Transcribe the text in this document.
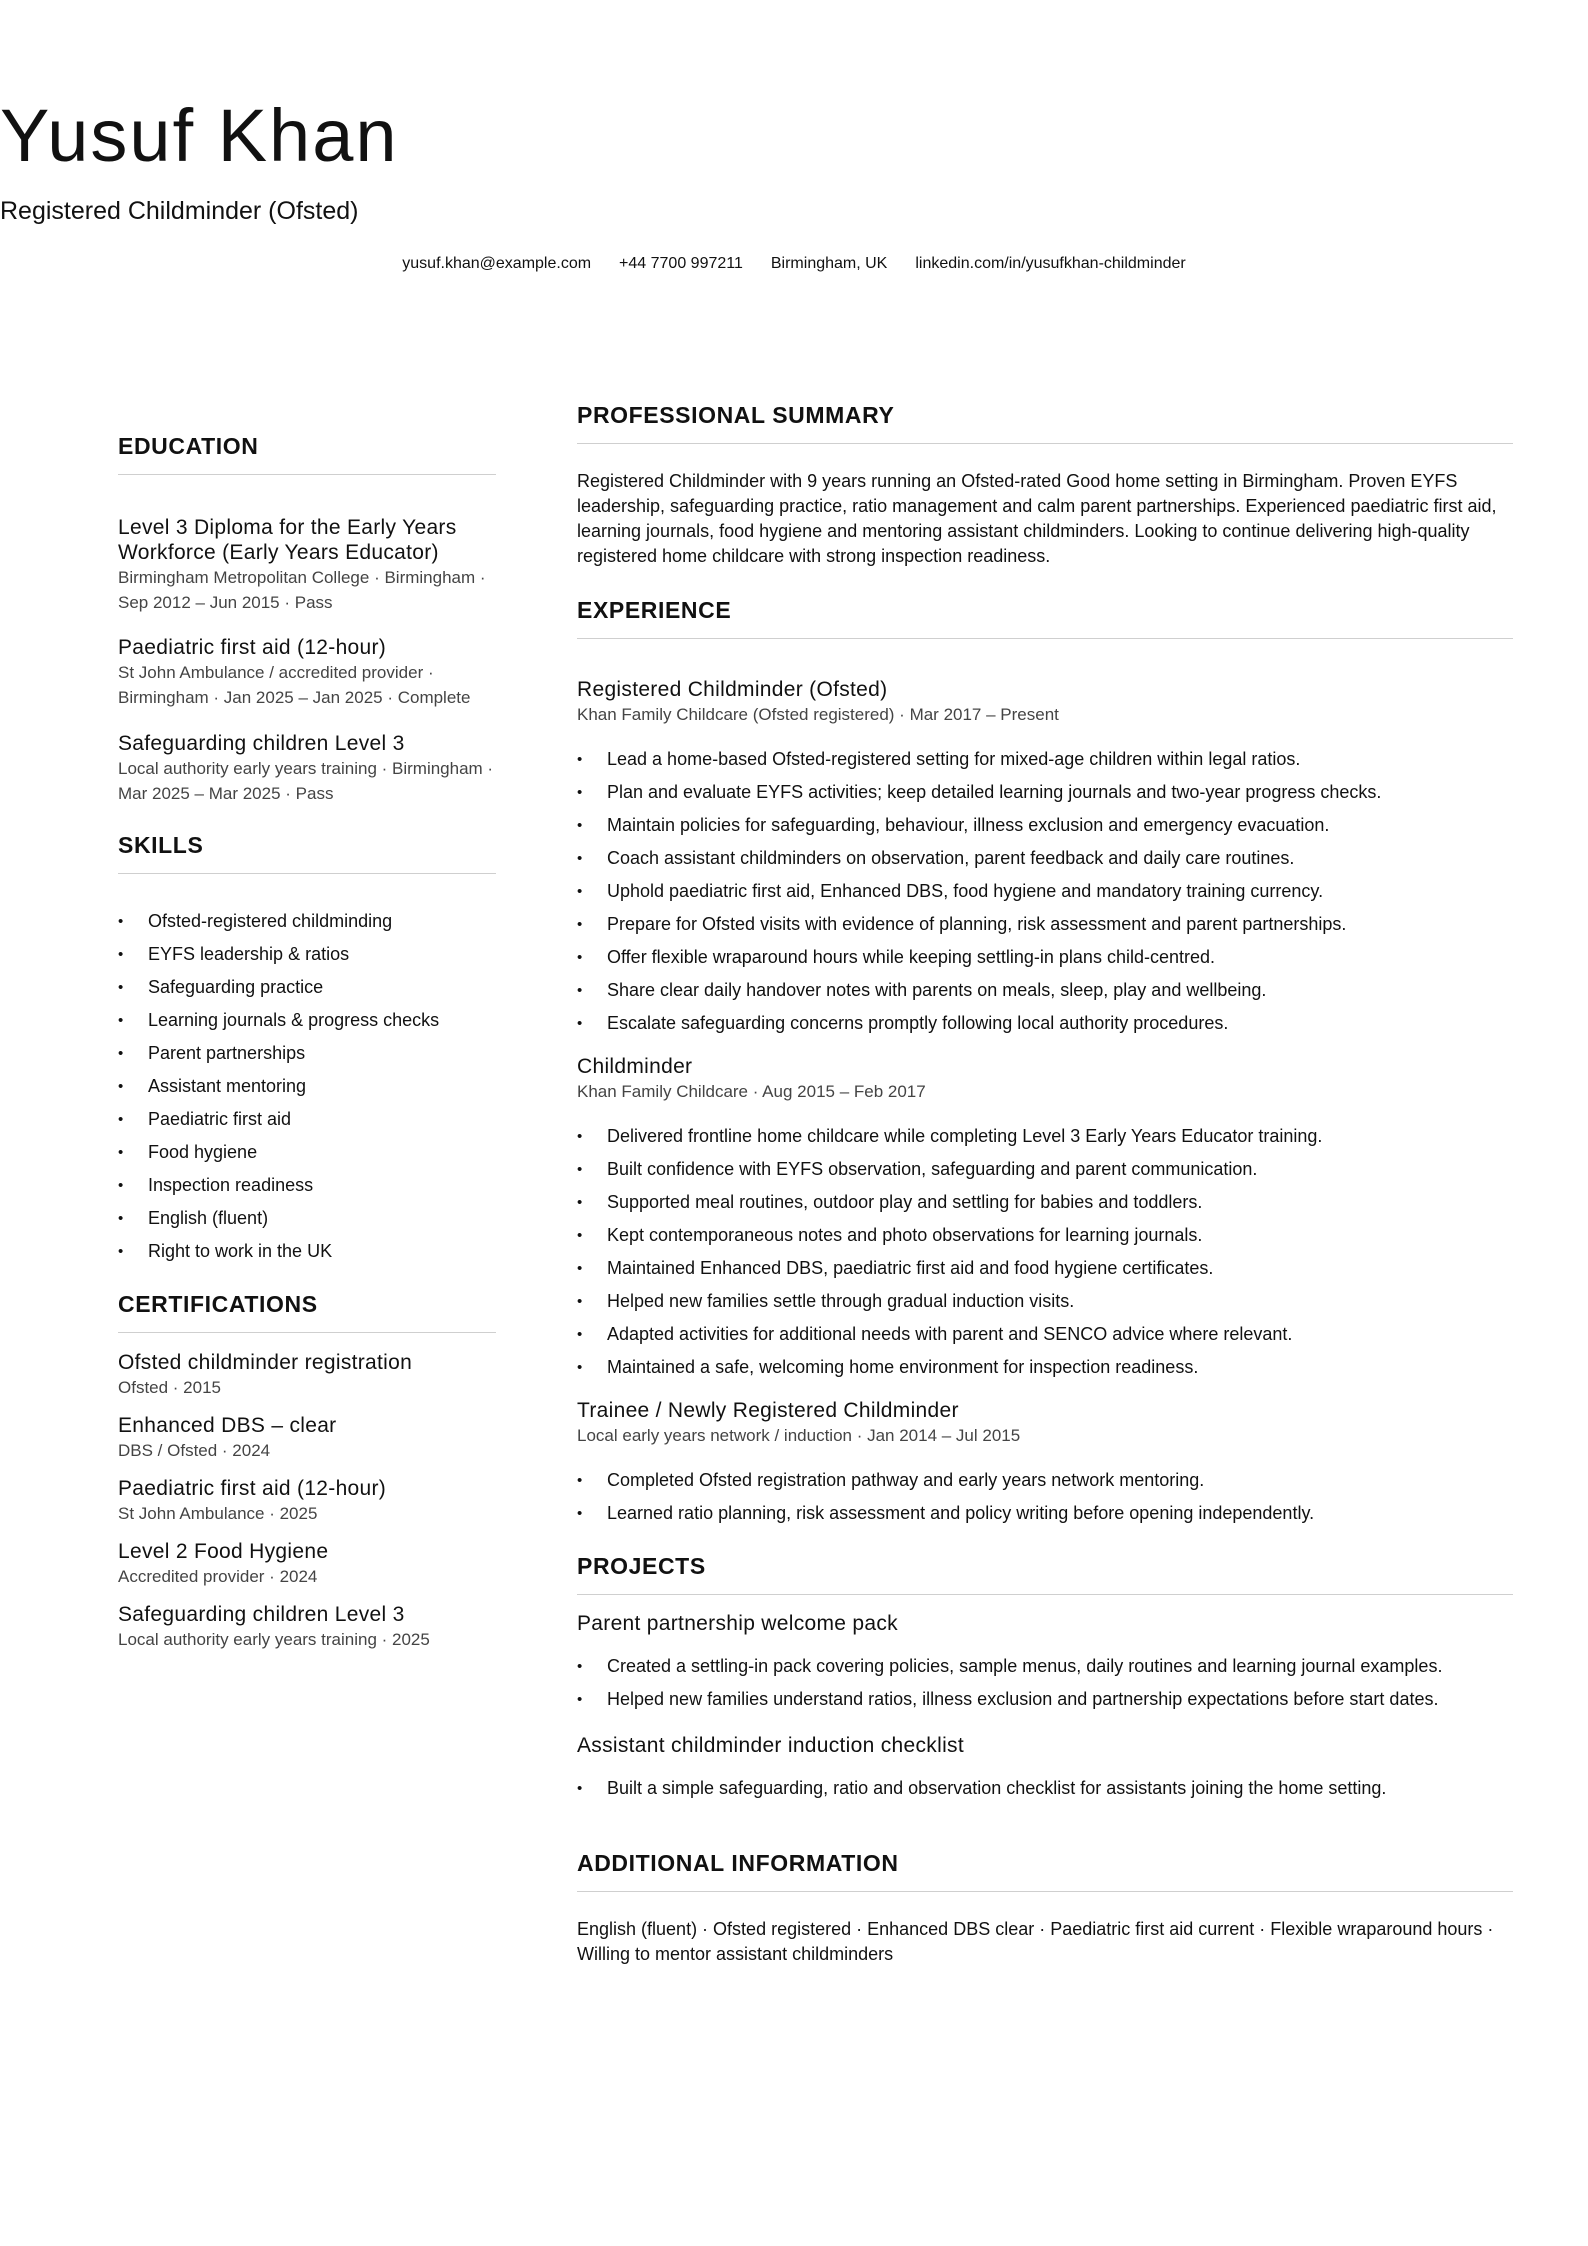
Yusuf Khan
Registered Childminder (Ofsted)
yusuf.khan@example.com +44 7700 997211 Birmingham, UK linkedin.com/in/yusufkhan-childminder
EDUCATION
Level 3 Diploma for the Early Years Workforce (Early Years Educator)
Birmingham Metropolitan College · Birmingham · Sep 2012 – Jun 2015 · Pass
Paediatric first aid (12-hour)
St John Ambulance / accredited provider · Birmingham · Jan 2025 – Jan 2025 · Complete
Safeguarding children Level 3
Local authority early years training · Birmingham · Mar 2025 – Mar 2025 · Pass
SKILLS
• Ofsted-registered childminding
• EYFS leadership & ratios
• Safeguarding practice
• Learning journals & progress checks
• Parent partnerships
• Assistant mentoring
• Paediatric first aid
• Food hygiene
• Inspection readiness
• English (fluent)
• Right to work in the UK
CERTIFICATIONS
Ofsted childminder registration
Ofsted · 2015
Enhanced DBS – clear
DBS / Ofsted · 2024
Paediatric first aid (12-hour)
St John Ambulance · 2025
Level 2 Food Hygiene
Accredited provider · 2024
Safeguarding children Level 3
Local authority early years training · 2025
PROFESSIONAL SUMMARY
Registered Childminder with 9 years running an Ofsted-rated Good home setting in Birmingham. Proven EYFS leadership, safeguarding practice, ratio management and calm parent partnerships. Experienced paediatric first aid, learning journals, food hygiene and mentoring assistant childminders. Looking to continue delivering high-quality registered home childcare with strong inspection readiness.
EXPERIENCE
Registered Childminder (Ofsted)
Khan Family Childcare (Ofsted registered) · Mar 2017 – Present
• Lead a home-based Ofsted-registered setting for mixed-age children within legal ratios.
• Plan and evaluate EYFS activities; keep detailed learning journals and two-year progress checks.
• Maintain policies for safeguarding, behaviour, illness exclusion and emergency evacuation.
• Coach assistant childminders on observation, parent feedback and daily care routines.
• Uphold paediatric first aid, Enhanced DBS, food hygiene and mandatory training currency.
• Prepare for Ofsted visits with evidence of planning, risk assessment and parent partnerships.
• Offer flexible wraparound hours while keeping settling-in plans child-centred.
• Share clear daily handover notes with parents on meals, sleep, play and wellbeing.
• Escalate safeguarding concerns promptly following local authority procedures.
Childminder
Khan Family Childcare · Aug 2015 – Feb 2017
• Delivered frontline home childcare while completing Level 3 Early Years Educator training.
• Built confidence with EYFS observation, safeguarding and parent communication.
• Supported meal routines, outdoor play and settling for babies and toddlers.
• Kept contemporaneous notes and photo observations for learning journals.
• Maintained Enhanced DBS, paediatric first aid and food hygiene certificates.
• Helped new families settle through gradual induction visits.
• Adapted activities for additional needs with parent and SENCO advice where relevant.
• Maintained a safe, welcoming home environment for inspection readiness.
Trainee / Newly Registered Childminder
Local early years network / induction · Jan 2014 – Jul 2015
• Completed Ofsted registration pathway and early years network mentoring.
• Learned ratio planning, risk assessment and policy writing before opening independently.
PROJECTS
Parent partnership welcome pack
• Created a settling-in pack covering policies, sample menus, daily routines and learning journal examples.
• Helped new families understand ratios, illness exclusion and partnership expectations before start dates.
Assistant childminder induction checklist
• Built a simple safeguarding, ratio and observation checklist for assistants joining the home setting.
ADDITIONAL INFORMATION
English (fluent) · Ofsted registered · Enhanced DBS clear · Paediatric first aid current · Flexible wraparound hours · Willing to mentor assistant childminders
